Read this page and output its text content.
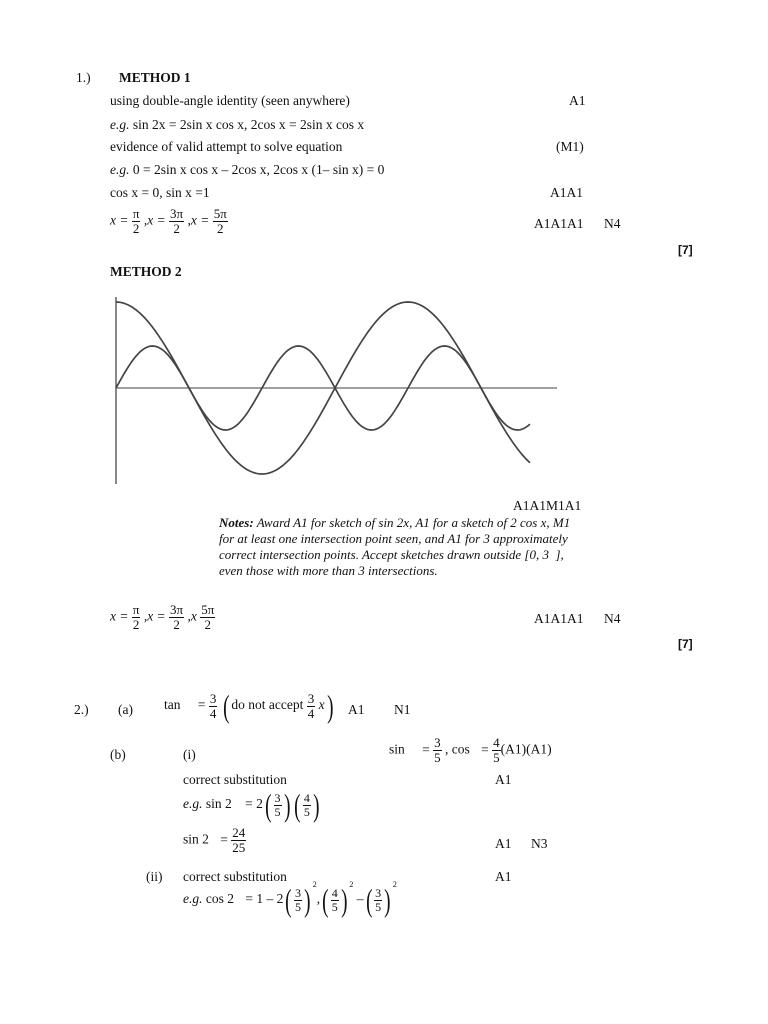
1.) METHOD 1
using double-angle identity (seen anywhere)	A1
e.g. sin 2x = 2sin x cos x, 2cos x = 2sin x cos x
evidence of valid attempt to solve equation	(M1)
e.g. 0 = 2sin x cos x – 2cos x, 2cos x (1– sin x) = 0
cos x = 0, sin x =1	A1A1
$x = \frac{\pi}{2} ,x = \frac{3\pi}{2} ,x = \frac{5\pi}{2}$	A1A1A1 N4
[7]
METHOD 2
A1A1M1A1
Notes: Award A1 for sketch of sin 2x, A1 for a sketch of 2 cos x, M1 for at least one intersection point seen, and A1 for 3 approximately correct intersection points. Accept sketches drawn outside [0, 3 ], even those with more than 3 intersections.
$x = \frac{\pi}{2} ,x = \frac{3\pi}{2} ,x \frac{5\pi}{2}$	A1A1A1 N4
[7]
2.) (a) $\tan = \frac{3}{4}$ ( do not accept $\frac{3}{4} x$) A1 N1
(b)	(i)	$\sin = \frac{3}{5}$ , $\cos = \frac{4}{5} (A1)(A1)$
correct substitution	A1
e.g. $\sin 2 = 2( \frac{3}{5}$ ) ( $\frac{4}{5}$ )
$\sin 2 = \frac{24}{25}$	A1 N3
(ii) correct substitution	A1
e.g. $\cos 2 = 1 - 2( \frac{3}{5}$ ) $^2,( \frac{4}{5}$ ) $^2$ –( $\frac{3}{5}$ ) $^2$
